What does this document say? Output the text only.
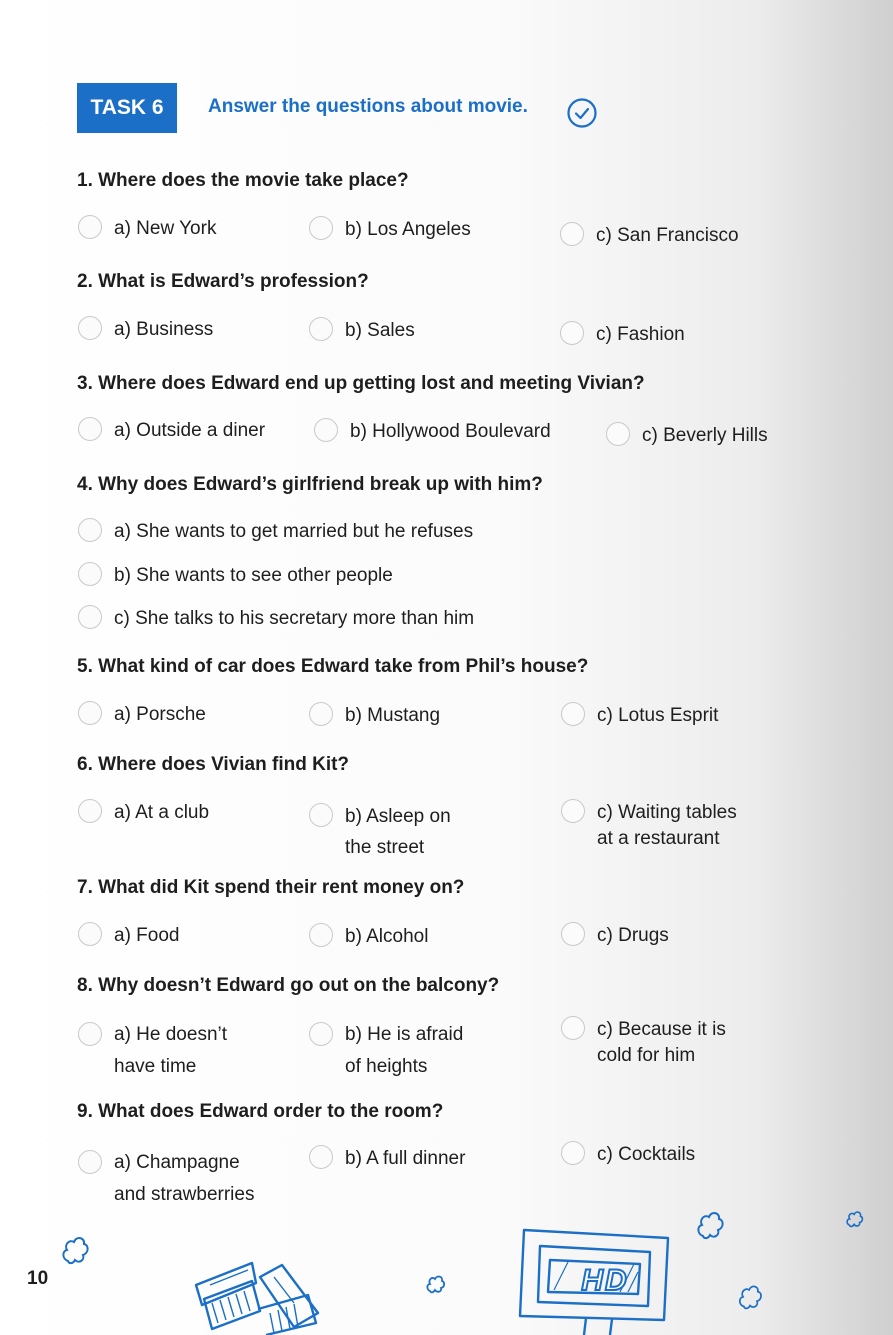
TASK 6	Answer the questions about movie.
1. Where does the movie take place?
a) New York	b) Los Angeles	c) San Francisco
2. What is Edward’s profession?
a) Business	b) Sales	c) Fashion
3. Where does Edward end up getting lost and meeting Vivian?
a) Outside a diner	b) Hollywood Boulevard	c) Beverly Hills
4. Why does Edward’s girlfriend break up with him?
a) She wants to get married but he refuses
b) She wants to see other people
c) She talks to his secretary more than him
5. What kind of car does Edward take from Phil’s house?
a) Porsche	b) Mustang	c) Lotus Esprit
6. Where does Vivian find Kit?
a) At a club	b) Asleep on
the street
c) Waiting tables
at a restaurant
7. What did Kit spend their rent money on?
a) Food	b) Alcohol	c) Drugs
8. Why doesn’t Edward go out on the balcony?
a) He doesn’t
have time
b) He is afraid
of heights
c) Because it is
cold for him
9. What does Edward order to the room?
a) Champagne
and strawberries
b) A full dinner	c) Cocktails
10	HD
